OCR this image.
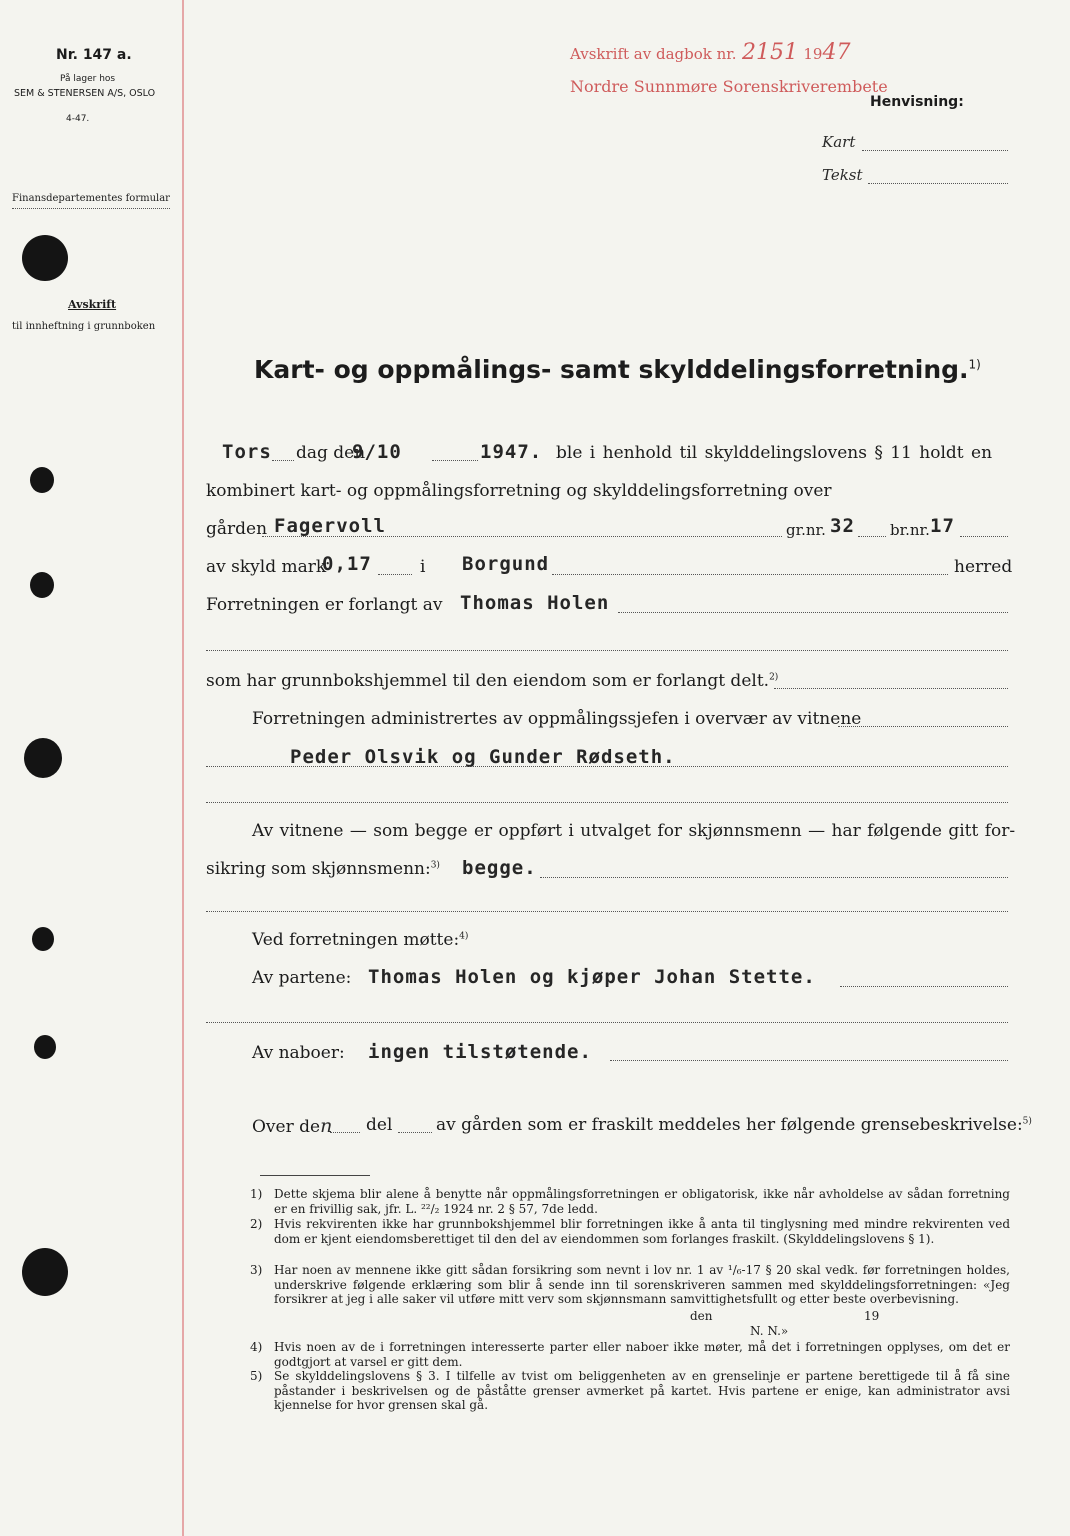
Nr. 147 a.
På lager hos
SEM & STENERSEN A/S, OSLO
4-47.
Finansdepartementes formular
Avskrift
til innheftning i grunnboken
Avskrift av dagbok nr. 2151 1947
Nordre Sunnmøre Sorenskriverembete
Henvisning:
Kart
Tekst
Kart- og oppmålings- samt skylddelingsforretning.$^{1)}$
Tors dag den
9/10	1947. ble i henhold til skylddelingslovens § 11 holdt en
kombinert kart- og oppmålingsforretning og skylddelingsforretning over
gården Fagervoll	gr.nr. 32 br.nr. 17
av skyld mark
0,17	i Borgund	herred
Forretningen er forlangt av Thomas Holen
som har grunnbokshjemmel til den eiendom som er forlangt delt.$^{2)}$
Forretningen administrertes av oppmålingssjefen i overvær av vitnene
Peder Olsvik og Gunder Rødseth.
Av vitnene — som begge er oppført i utvalget for skjønnsmenn — har følgende gitt for-
sikring som skjønnsmenn:$^{3)}$ begge.
Ved forretningen møtte:$^{4)}$
Av partene: Thomas Holen og kjøper Johan Stette.
Av naboer: ingen tilstøtende.
Over den del	av gården som er fraskilt meddeles her følgende grensebeskrivelse:$^{5)}$
1) Dette skjema blir alene å benytte når oppmålingsforretningen er obligatorisk, ikke når avholdelse av sådan forretning er en frivillig sak, jfr. L. ²²/₂ 1924 nr. 2 § 57, 7de ledd.
2) Hvis rekvirenten ikke har grunnbokshjemmel blir forretningen ikke å anta til tinglysning med mindre rekvirenten ved dom er kjent eiendomsberettiget til den del av eiendommen som forlanges fraskilt. (Skylddelingslovens § 1).
3) Har noen av mennene ikke gitt sådan forsikring som nevnt i lov nr. 1 av ¹/₆-17 § 20 skal vedk. før forretningen holdes, underskrive følgende erklæring som blir å sende inn til sorenskriveren sammen med skylddelingsforretningen: «Jeg forsikrer at jeg i alle saker vil utføre mitt verv som skjønnsmann samvittighetsfullt og etter beste overbevisning.
den	19
N. N.»
4) Hvis noen av de i forretningen interesserte parter eller naboer ikke møter, må det i forretningen opplyses, om det er godtgjort at varsel er gitt dem.
5) Se skylddelingslovens § 3. I tilfelle av tvist om beliggenheten av en grenselinje er partene berettigede til å få sine påstander i beskrivelsen og de påståtte grenser avmerket på kartet. Hvis partene er enige, kan administrator avsi kjennelse for hvor grensen skal gå.
